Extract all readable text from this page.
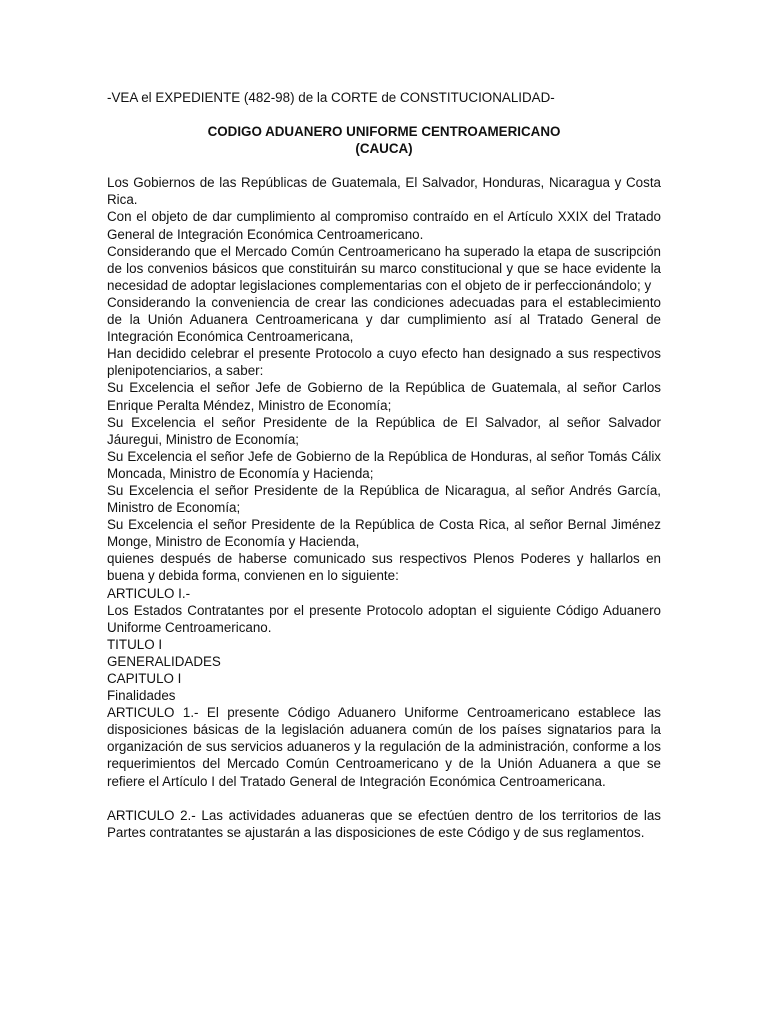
-VEA el EXPEDIENTE (482-98) de la CORTE de CONSTITUCIONALIDAD-

CODIGO ADUANERO UNIFORME CENTROAMERICANO
(CAUCA)

Los Gobiernos de las Repúblicas de Guatemala, El Salvador, Honduras, Nicaragua y Costa Rica.

Con el objeto de dar cumplimiento al compromiso contraído en el Artículo XXIX del Tratado General de Integración Económica Centroamericano.

Considerando que el Mercado Común Centroamericano ha superado la etapa de suscripción de los convenios básicos que constituirán su marco constitucional y que se hace evidente la necesidad de adoptar legislaciones complementarias con el objeto de ir perfeccionándolo; y

Considerando la conveniencia de crear las condiciones adecuadas para el establecimiento de la Unión Aduanera Centroamericana y dar cumplimiento así al Tratado General de Integración Económica Centroamericana,

Han decidido celebrar el presente Protocolo a cuyo efecto han designado a sus respectivos plenipotenciarios, a saber:

Su Excelencia el señor Jefe de Gobierno de la República de Guatemala, al señor Carlos Enrique Peralta Méndez, Ministro de Economía;

Su Excelencia el señor Presidente de la República de El Salvador, al señor Salvador Jáuregui, Ministro de Economía;

Su Excelencia el señor Jefe de Gobierno de la República de Honduras, al señor Tomás Cálix Moncada, Ministro de Economía y Hacienda;

Su Excelencia el señor Presidente de la República de Nicaragua, al señor Andrés García, Ministro de Economía;

Su Excelencia el señor Presidente de la República de Costa Rica, al señor Bernal Jiménez Monge, Ministro de Economía y Hacienda,

quienes después de haberse comunicado sus respectivos Plenos Poderes y hallarlos en buena y debida forma, convienen en lo siguiente:

ARTICULO I.-

Los Estados Contratantes por el presente Protocolo adoptan el siguiente Código Aduanero Uniforme Centroamericano.

TITULO I

GENERALIDADES

CAPITULO I

Finalidades

ARTICULO 1.- El presente Código Aduanero Uniforme Centroamericano establece las disposiciones básicas de la legislación aduanera común de los países signatarios para la organización de sus servicios aduaneros y la regulación de la administración, conforme a los requerimientos del Mercado Común Centroamericano y de la Unión Aduanera a que se refiere el Artículo I del Tratado General de Integración Económica Centroamericana.

ARTICULO 2.- Las actividades aduaneras que se efectúen dentro de los territorios de las Partes contratantes se ajustarán a las disposiciones de este Código y de sus reglamentos.
